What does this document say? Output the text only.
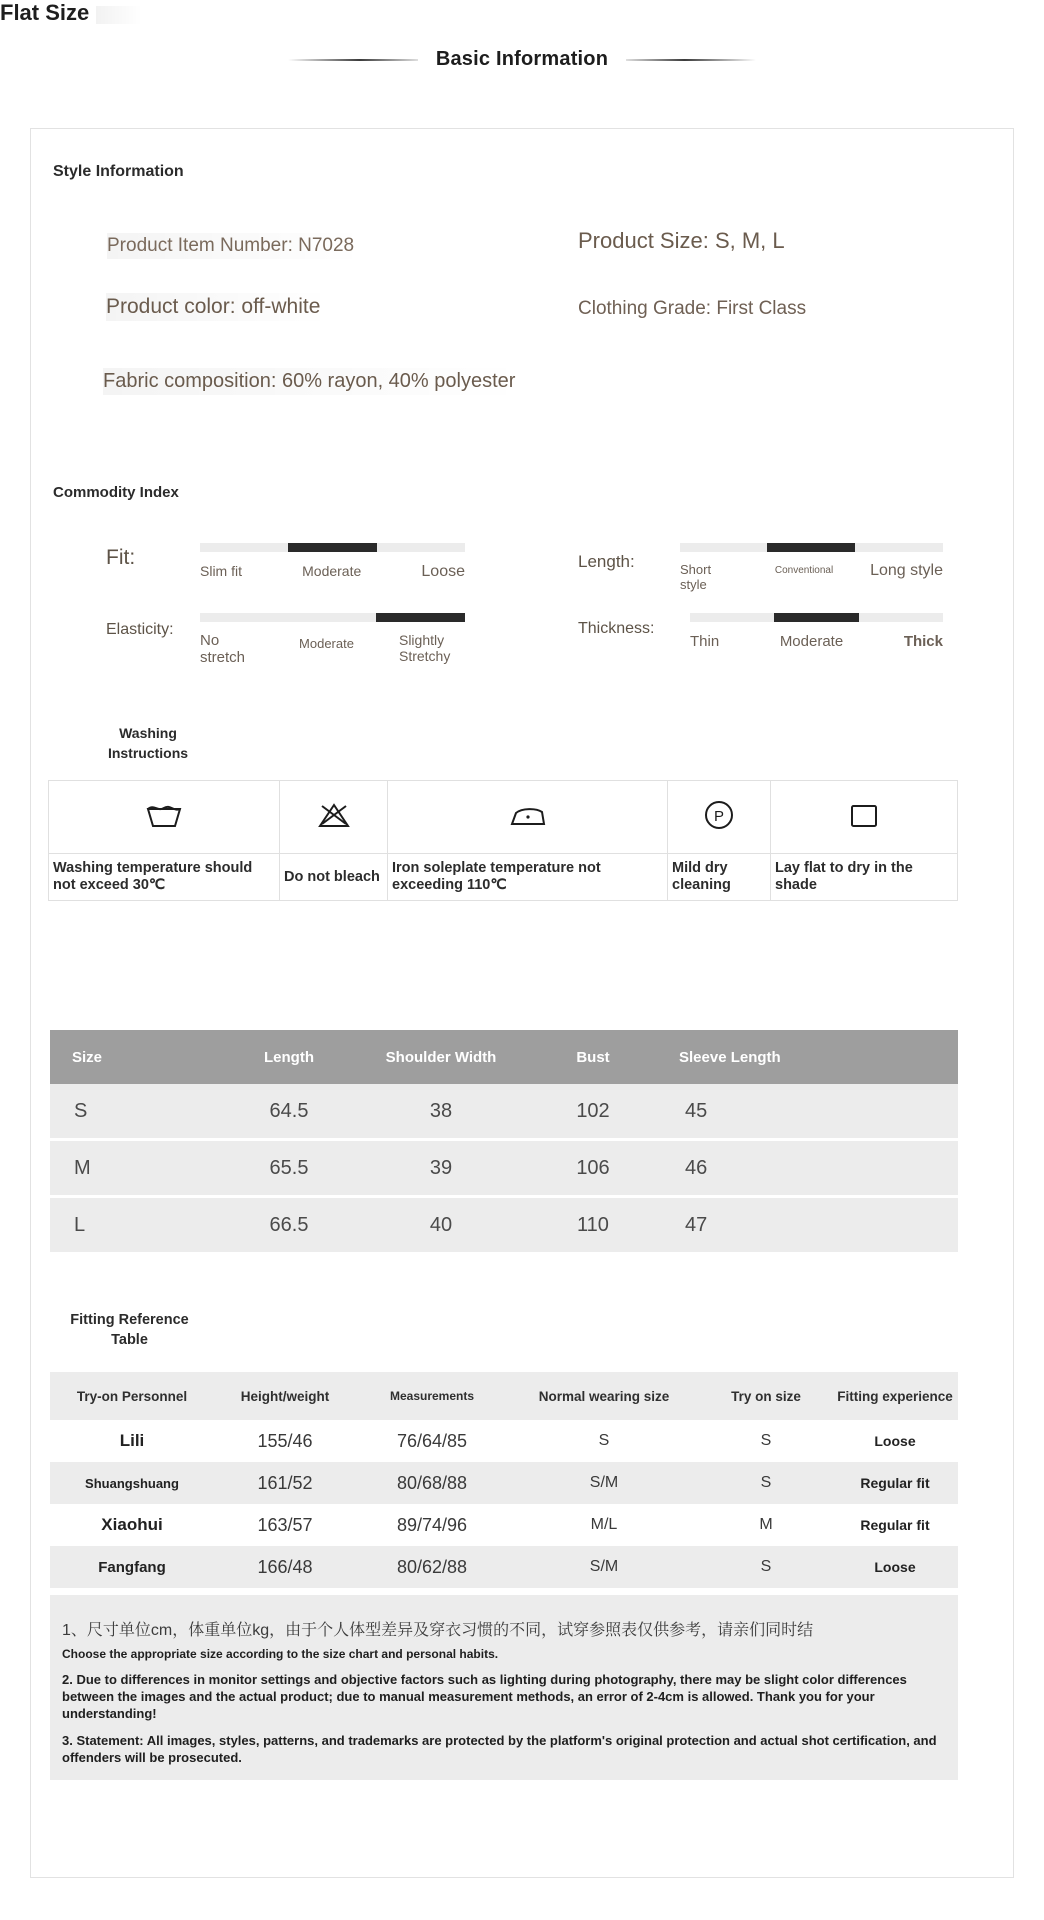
Basic Information
Style Information
Product Item Number: N7028	Product Size: S, M, L
Product color: off-white	Clothing Grade: First Class
Fabric composition: 60% rayon, 40% polyester
Commodity Index
Fit:
Slim fit	Moderate	Loose
Length:	Short style
Conventional Long style
Elasticity:
No stretch
Moderate	Slightly Stretchy
Thickness:
Thin	Moderate	Thick
Washing Instructions

P

Washing temperature should not exceed 30℃	Do not bleach	Iron soleplate temperature not exceeding 110℃	Mild dry cleaning	Lay flat to dry in the shade
Flat Size
Size	Length	Shoulder Width	Bust	Sleeve Length
S	64.5	38	102	45
M	65.5	39	106	46
L	66.5	40	110	47
Fitting Reference Table
Try-on Personnel	Height/weight	Measurements	Normal wearing size	Try on size	Fitting experience
Lili	155/46	76/64/85	S	S	Loose
Shuangshuang	161/52	80/68/88	S/M	S	Regular fit
Xiaohui	163/57	89/74/96	M/L	M	Regular fit
Fangfang	166/48	80/62/88	S/M	S	Loose
1、尺寸单位cm，体重单位kg，由于个人体型差异及穿衣习惯的不同，试穿参照表仅供参考，请亲们同时结
Choose the appropriate size according to the size chart and personal habits.
2. Due to differences in monitor settings and objective factors such as lighting during photography, there may be slight color differences between the images and the actual product; due to manual measurement methods, an error of 2-4cm is allowed. Thank you for your understanding!
3. Statement: All images, styles, patterns, and trademarks are protected by the platform's original protection and actual shot certification, and offenders will be prosecuted.
